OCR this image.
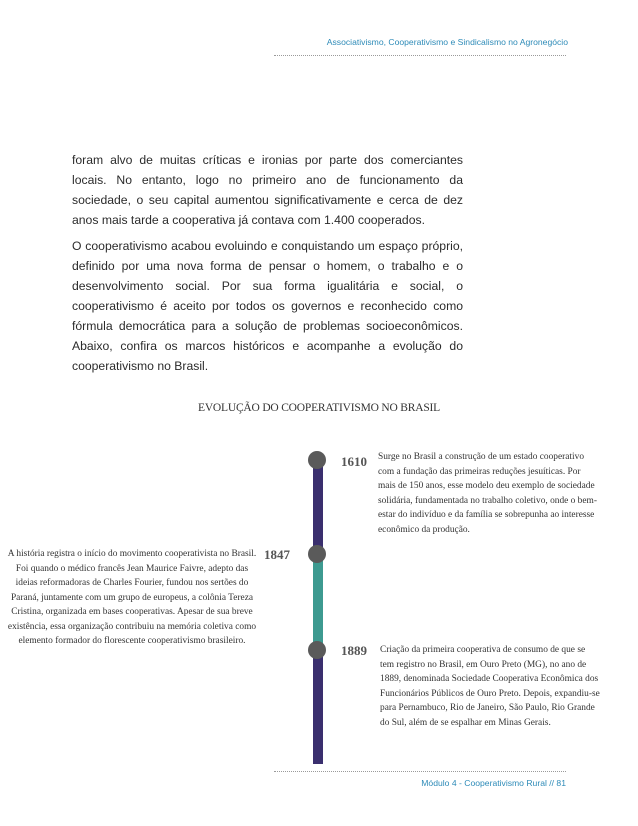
Associativismo, Cooperativismo e Sindicalismo no Agronegócio

foram alvo de muitas críticas e ironias por parte dos comerciantes locais. No entanto, logo no primeiro ano de funcionamento da sociedade, o seu capital aumentou significativamente e cerca de dez anos mais tarde a cooperativa já contava com 1.400 cooperados.

O cooperativismo acabou evoluindo e conquistando um espaço próprio, definido por uma nova forma de pensar o homem, o trabalho e o desenvolvimento social. Por sua forma igualitária e social, o cooperativismo é aceito por todos os governos e reconhecido como fórmula democrática para a solução de problemas socioeconômicos. Abaixo, confira os marcos históricos e acompanhe a evolução do cooperativismo no Brasil.

EVOLUÇÃO DO COOPERATIVISMO NO BRASIL
1610
1847
1889

Surge no Brasil a construção de um estado cooperativo com a fundação das primeiras reduções jesuíticas. Por mais de 150 anos, esse modelo deu exemplo de sociedade solidária, fundamentada no trabalho coletivo, onde o bem-estar do indivíduo e da família se sobrepunha ao interesse econômico da produção.

A história registra o início do movimento cooperativista no Brasil. Foi quando o médico francês Jean Maurice Faivre, adepto das ideias reformadoras de Charles Fourier, fundou nos sertões do Paraná, juntamente com um grupo de europeus, a colônia Tereza Cristina, organizada em bases cooperativas. Apesar de sua breve existência, essa organização contribuiu na memória coletiva como elemento formador do florescente cooperativismo brasileiro.

Criação da primeira cooperativa de consumo de que se tem registro no Brasil, em Ouro Preto (MG), no ano de 1889, denominada Sociedade Cooperativa Econômica dos Funcionários Públicos de Ouro Preto. Depois, expandiu-se para Pernambuco, Rio de Janeiro, São Paulo, Rio Grande do Sul, além de se espalhar em Minas Gerais.

Módulo 4 - Cooperativismo Rural // 81
